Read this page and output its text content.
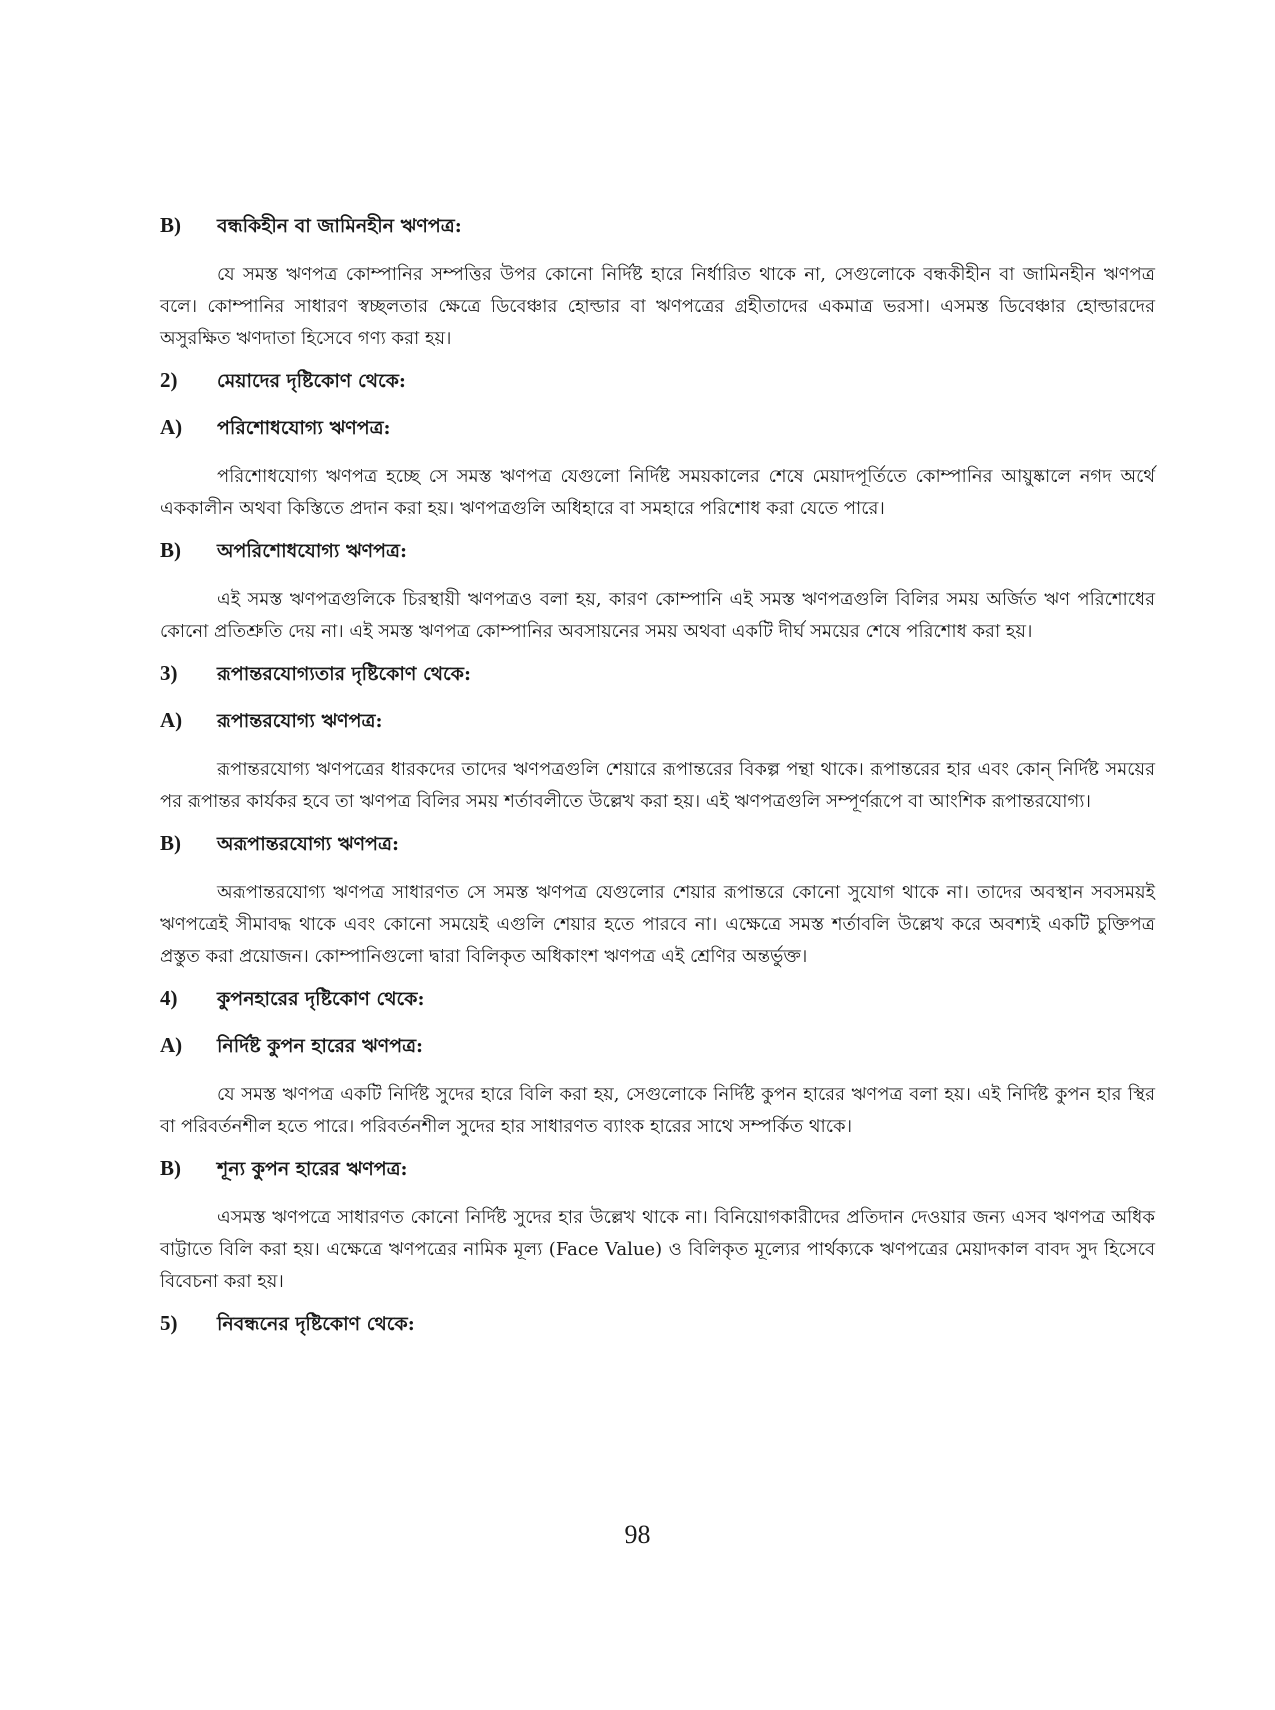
B)	বন্ধকিহীন বা জামিনহীন ঋণপত্র:

যে সমস্ত ঋণপত্র কোম্পানির সম্পত্তির উপর কোনো নির্দিষ্ট হারে নির্ধারিত থাকে না, সেগুলোকে বন্ধকীহীন বা জামিনহীন ঋণপত্র বলে। কোম্পানির সাধারণ স্বচ্ছলতার ক্ষেত্রে ডিবেঞ্চার হোল্ডার বা ঋণপত্রের গ্রহীতাদের একমাত্র ভরসা। এসমস্ত ডিবেঞ্চার হোল্ডারদের অসুরক্ষিত ঋণদাতা হিসেবে গণ্য করা হয়।

2)	মেয়াদের দৃষ্টিকোণ থেকে:
A)	পরিশোধযোগ্য ঋণপত্র:

পরিশোধযোগ্য ঋণপত্র হচ্ছে সে সমস্ত ঋণপত্র যেগুলো নির্দিষ্ট সময়কালের শেষে মেয়াদপূর্তিতে কোম্পানির আয়ুষ্কালে নগদ অর্থে এককালীন অথবা কিস্তিতে প্রদান করা হয়। ঋণপত্রগুলি অধিহারে বা সমহারে পরিশোধ করা যেতে পারে।

B)	অপরিশোধযোগ্য ঋণপত্র:

এই সমস্ত ঋণপত্রগুলিকে চিরস্থায়ী ঋণপত্রও বলা হয়, কারণ কোম্পানি এই সমস্ত ঋণপত্রগুলি বিলির সময় অর্জিত ঋণ পরিশোধের কোনো প্রতিশ্রুতি দেয় না। এই সমস্ত ঋণপত্র কোম্পানির অবসায়নের সময় অথবা একটি দীর্ঘ সময়ের শেষে পরিশোধ করা হয়।

3)	রূপান্তরযোগ্যতার দৃষ্টিকোণ থেকে:
A)	রূপান্তরযোগ্য ঋণপত্র:

রূপান্তরযোগ্য ঋণপত্রের ধারকদের তাদের ঋণপত্রগুলি শেয়ারে রূপান্তরের বিকল্প পন্থা থাকে। রূপান্তরের হার এবং কোন্ নির্দিষ্ট সময়ের পর রূপান্তর কার্যকর হবে তা ঋণপত্র বিলির সময় শর্তাবলীতে উল্লেখ করা হয়। এই ঋণপত্রগুলি সম্পূর্ণরূপে বা আংশিক রূপান্তরযোগ্য।

B)	অরূপান্তরযোগ্য ঋণপত্র:

অরূপান্তরযোগ্য ঋণপত্র সাধারণত সে সমস্ত ঋণপত্র যেগুলোর শেয়ার রূপান্তরে কোনো সুযোগ থাকে না। তাদের অবস্থান সবসময়ই ঋণপত্রেই সীমাবদ্ধ থাকে এবং কোনো সময়েই এগুলি শেয়ার হতে পারবে না। এক্ষেত্রে সমস্ত শর্তাবলি উল্লেখ করে অবশ্যই একটি চুক্তিপত্র প্রস্তুত করা প্রয়োজন। কোম্পানিগুলো দ্বারা বিলিকৃত অধিকাংশ ঋণপত্র এই শ্রেণির অন্তর্ভুক্ত।

4)	কুপনহারের দৃষ্টিকোণ থেকে:
A)	নির্দিষ্ট কুপন হারের ঋণপত্র:

যে সমস্ত ঋণপত্র একটি নির্দিষ্ট সুদের হারে বিলি করা হয়, সেগুলোকে নির্দিষ্ট কুপন হারের ঋণপত্র বলা হয়। এই নির্দিষ্ট কুপন হার স্থির বা পরিবর্তনশীল হতে পারে। পরিবর্তনশীল সুদের হার সাধারণত ব্যাংক হারের সাথে সম্পর্কিত থাকে।

B)	শূন্য কুপন হারের ঋণপত্র:

এসমস্ত ঋণপত্রে সাধারণত কোনো নির্দিষ্ট সুদের হার উল্লেখ থাকে না। বিনিয়োগকারীদের প্রতিদান দেওয়ার জন্য এসব ঋণপত্র অধিক বাট্টাতে বিলি করা হয়। এক্ষেত্রে ঋণপত্রের নামিক মূল্য (Face Value) ও বিলিকৃত মূল্যের পার্থক্যকে ঋণপত্রের মেয়াদকাল বাবদ সুদ হিসেবে বিবেচনা করা হয়।

5)	নিবন্ধনের দৃষ্টিকোণ থেকে:
98
